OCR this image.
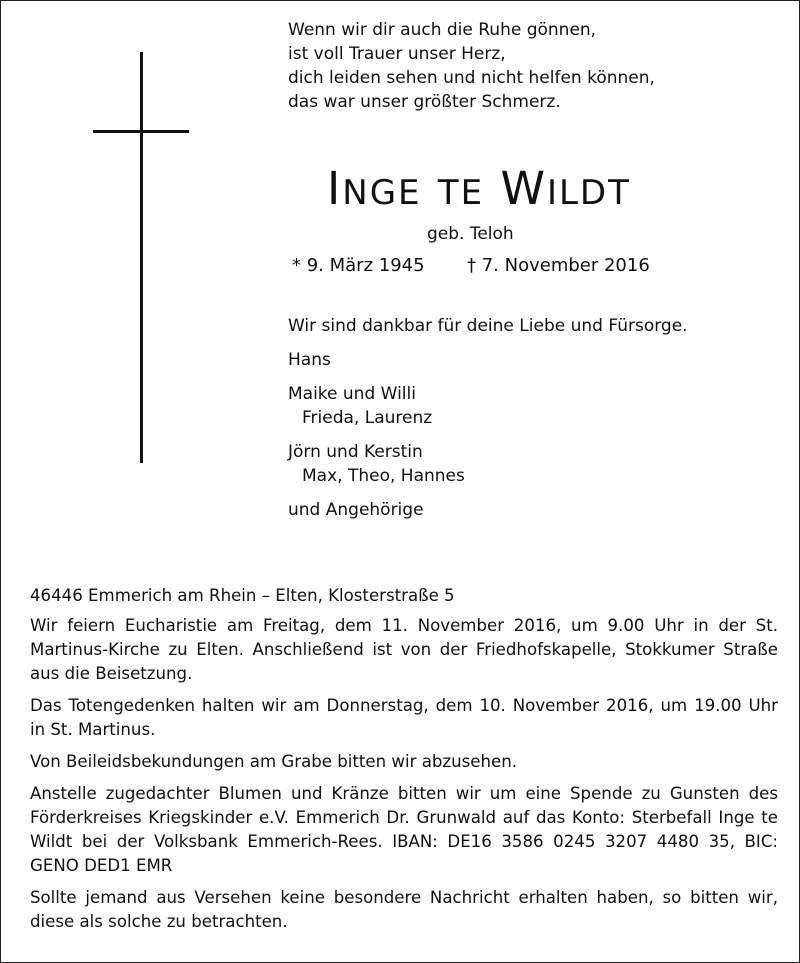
Wenn wir dir auch die Ruhe gönnen,
ist voll Trauer unser Herz,
dich leiden sehen und nicht helfen können,
das war unser größter Schmerz.
INGE TE WILDT
geb. Teloh
* 9. März 1945 † 7. November 2016
Wir sind dankbar für deine Liebe und Fürsorge.
Hans
Maike und Willi
Frieda, Laurenz
Jörn und Kerstin
Max, Theo, Hannes
und Angehörige

46446 Emmerich am Rhein – Elten, Klosterstraße 5

Wir feiern Eucharistie am Freitag, dem 11. November 2016, um 9.00 Uhr in der St. Martinus-Kirche zu Elten. Anschließend ist von der Friedhofskapelle, Stokkumer Straße aus die Beisetzung.

Das Totengedenken halten wir am Donnerstag, dem 10. November 2016, um 19.00 Uhr in St. Martinus.

Von Beileidsbekundungen am Grabe bitten wir abzusehen.

Anstelle zugedachter Blumen und Kränze bitten wir um eine Spende zu Gunsten des Förderkreises Kriegskinder e.V. Emmerich Dr. Grunwald auf das Konto: Sterbefall Inge te Wildt bei der Volksbank Emmerich-Rees. IBAN: DE16 3586 0245 3207 4480 35, BIC: GENO DED1 EMR

Sollte jemand aus Versehen keine besondere Nachricht erhalten haben, so bitten wir, diese als solche zu betrachten.
